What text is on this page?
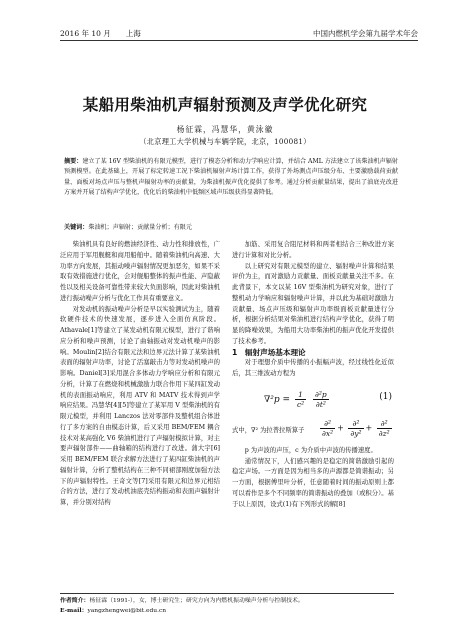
2016 年 10 月　　上海	中国内燃机学会第九届学术年会
某船用柴油机声辐射预测及声学优化研究
杨征霖，冯慧华，黄泳徽
（北京理工大学机械与车辆学院，北京，100081）
摘要：建立了某 16V 型柴油机的有限元模型，进行了模态分析和动力学响应计算，并结合 AML 方法建立了该柴油机声辐射预测模型。在此基础上，开展了标定转速工况下柴油机辐射声场计算工作，获得了外场测点声压级分布、主要激励载荷贡献量、面板对场点声压与整机声辐射功率的贡献量，为柴油机振声优化提供了参考。通过分析贡献量结果，提出了油底壳改进方案并开展了结构声学优化，优化后的柴油机中低频区域声压级获得显著降低。
关键词：柴油机；声辐射；贡献量分析；有限元

柴油机具有良好的燃油经济性、动力性和排放性，广泛应用于军用舰艇和商用船舶中。随着柴油机向高速、大功率方向发展，其振动噪声辐射情况更加恶劣，如果不采取有效措施进行优化，会对舰船整体的振声性能、声隐蔽性以及相关设备可靠性带来较大负面影响，因此对柴油机进行振动噪声分析与优化工作具有重要意义。

对发动机的振动噪声分析是早以实验测试为主，随着软硬件技术的快速发展，逐步进入全面仿真阶段。Athavale[1]等建立了某发动机有限元模型，进行了谐响应分析和噪声预测，讨论了曲轴振动对发动机噪声的影响。Moulin[2]结合有限元法和边界元法计算了某柴油机表面的辐射声功率，讨论了活塞敲击力等对发动机噪声的影响。Daniel[3]采用混合多体动力学响应分析和有限元分析，计算了在燃烧和机械激励力联合作用下某四缸发动机的表面振动响应，利用 ATV 和 MATV 技术得到声学响应结果。冯慧华[4][5]等建立了某军用 V 型柴油机的有限元模型，并利用 Lanczos 法对零部件及整机组合体进行了多方案的自由模态计算，后又采用 BEM/FEM 耦合技术对某高强化 V6 柴油机进行了声辐射模拟计算，对主要声辐射部件——曲轴箱的结构进行了改进。蒲大宇[6]采用 BEM/FEM 联合求解方法进行了某四缸柴油机的声辐射计算，分析了整机结构在三种不同裙部刚度加强方法下的声辐射特性。王奇文等[7]采用有限元和边界元相结合的方法，进行了发动机油底壳结构振动和表面声辐射计算，并分别对结构

加筋、采用复合阻尼材料和两者相结合三种改进方案进行计算和对比分析。

以上研究对有限元模型的建立、辐射噪声计算和结果评价为主，而对激励力贡献量、面板贡献量关注不多。在此背景下，本文以某 16V 型柴油机为研究对象，进行了整机动力学响应和辐射噪声计算，并以此为基础对激励力贡献量、场点声压级和辐射声功率级面板贡献量进行分析，根据分析结果对柴油机进行结构声学优化，获得了明显的降噪效果，为船用大功率柴油机的振声优化开发提供了技术参考。

1　辐射声场基本理论

对于理想介质中传播的小振幅声波，经过线性化近似后，其三维波动方程为

$\nabla^2p = \frac{1}{\text{c²}}$
$\frac{\text{∂²p}}{\text{∂t²}}$	(1)
式中，∇² 为拉普拉斯算子 $\frac{\text{∂²}}{\text{∂x²}} + \frac{\text{∂²}}{\text{∂y²}} + \frac{\text{∂²}}{\text{∂z²}}$

p 为声波的声压，c 为介质中声波的传播速度。

通常情况下，人们感兴趣的是稳定的简谐激励引起的稳定声场。一方面是因为相当多的声源都是简谐振动；另一方面，根据傅里叶分析，任意随着时间的振动原则上都可以看作是多个不同频率的简谐振动的叠加（或积分）。基于以上原因，设式(1)有下列形式的解[8]

作者简介：杨征霖（1991-），女，博士研究生；研究方向为内燃机振动噪声分析与控制技术。
E-mail：yangzhengwei@bit.edu.cn
